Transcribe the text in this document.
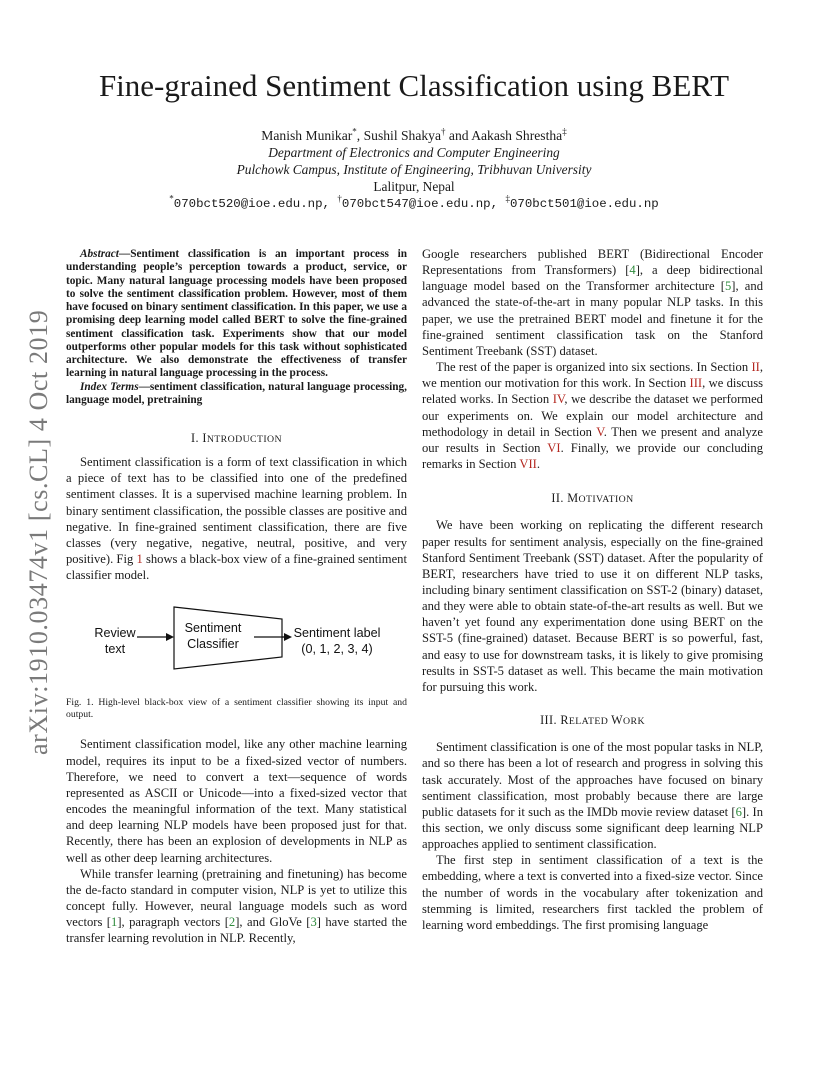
arXiv:1910.03474v1 [cs.CL] 4 Oct 2019
Fine-grained Sentiment Classification using BERT
Manish Munikar*, Sushil Shakya† and Aakash Shrestha‡
Department of Electronics and Computer Engineering
Pulchowk Campus, Institute of Engineering, Tribhuvan University
Lalitpur, Nepal
*070bct520@ioe.edu.np, †070bct547@ioe.edu.np, ‡070bct501@ioe.edu.np

Abstract—Sentiment classification is an important process in understanding people’s perception towards a product, service, or topic. Many natural language processing models have been proposed to solve the sentiment classification problem. However, most of them have focused on binary sentiment classification. In this paper, we use a promising deep learning model called BERT to solve the fine-grained sentiment classification task. Experiments show that our model outperforms other popular models for this task without sophisticated architecture. We also demonstrate the effectiveness of transfer learning in natural language processing in the process.

Index Terms—sentiment classification, natural language processing, language model, pretraining

I. INTRODUCTION

Sentiment classification is a form of text classification in which a piece of text has to be classified into one of the predefined sentiment classes. It is a supervised machine learning problem. In binary sentiment classification, the possible classes are positive and negative. In fine-grained sentiment classification, there are five classes (very negative, negative, neutral, positive, and very positive). Fig 1 shows a black-box view of a fine-grained sentiment classifier model.

Review
text
Sentiment
Classifier
Sentiment label
(0, 1, 2, 3, 4)
Fig. 1. High-level black-box view of a sentiment classifier showing its input and output.

Sentiment classification model, like any other machine learning model, requires its input to be a fixed-sized vector of numbers. Therefore, we need to convert a text—sequence of words represented as ASCII or Unicode—into a fixed-sized vector that encodes the meaningful information of the text. Many statistical and deep learning NLP models have been proposed just for that. Recently, there has been an explosion of developments in NLP as well as other deep learning architectures.

While transfer learning (pretraining and finetuning) has become the de-facto standard in computer vision, NLP is yet to utilize this concept fully. However, neural language models such as word vectors [1], paragraph vectors [2], and GloVe [3] have started the transfer learning revolution in NLP. Recently,

Google researchers published BERT (Bidirectional Encoder Representations from Transformers) [4], a deep bidirectional language model based on the Transformer architecture [5], and advanced the state-of-the-art in many popular NLP tasks. In this paper, we use the pretrained BERT model and finetune it for the fine-grained sentiment classification task on the Stanford Sentiment Treebank (SST) dataset.

The rest of the paper is organized into six sections. In Section II, we mention our motivation for this work. In Section III, we discuss related works. In Section IV, we describe the dataset we performed our experiments on. We explain our model architecture and methodology in detail in Section V. Then we present and analyze our results in Section VI. Finally, we provide our concluding remarks in Section VII.

II. MOTIVATION

We have been working on replicating the different research paper results for sentiment analysis, especially on the fine-grained Stanford Sentiment Treebank (SST) dataset. After the popularity of BERT, researchers have tried to use it on different NLP tasks, including binary sentiment classification on SST-2 (binary) dataset, and they were able to obtain state-of-the-art results as well. But we haven’t yet found any experimentation done using BERT on the SST-5 (fine-grained) dataset. Because BERT is so powerful, fast, and easy to use for downstream tasks, it is likely to give promising results in SST-5 dataset as well. This became the main motivation for pursuing this work.

III. RELATED WORK

Sentiment classification is one of the most popular tasks in NLP, and so there has been a lot of research and progress in solving this task accurately. Most of the approaches have focused on binary sentiment classification, most probably because there are large public datasets for it such as the IMDb movie review dataset [6]. In this section, we only discuss some significant deep learning NLP approaches applied to sentiment classification.

The first step in sentiment classification of a text is the embedding, where a text is converted into a fixed-size vector. Since the number of words in the vocabulary after tokenization and stemming is limited, researchers first tackled the problem of learning word embeddings. The first promising language
